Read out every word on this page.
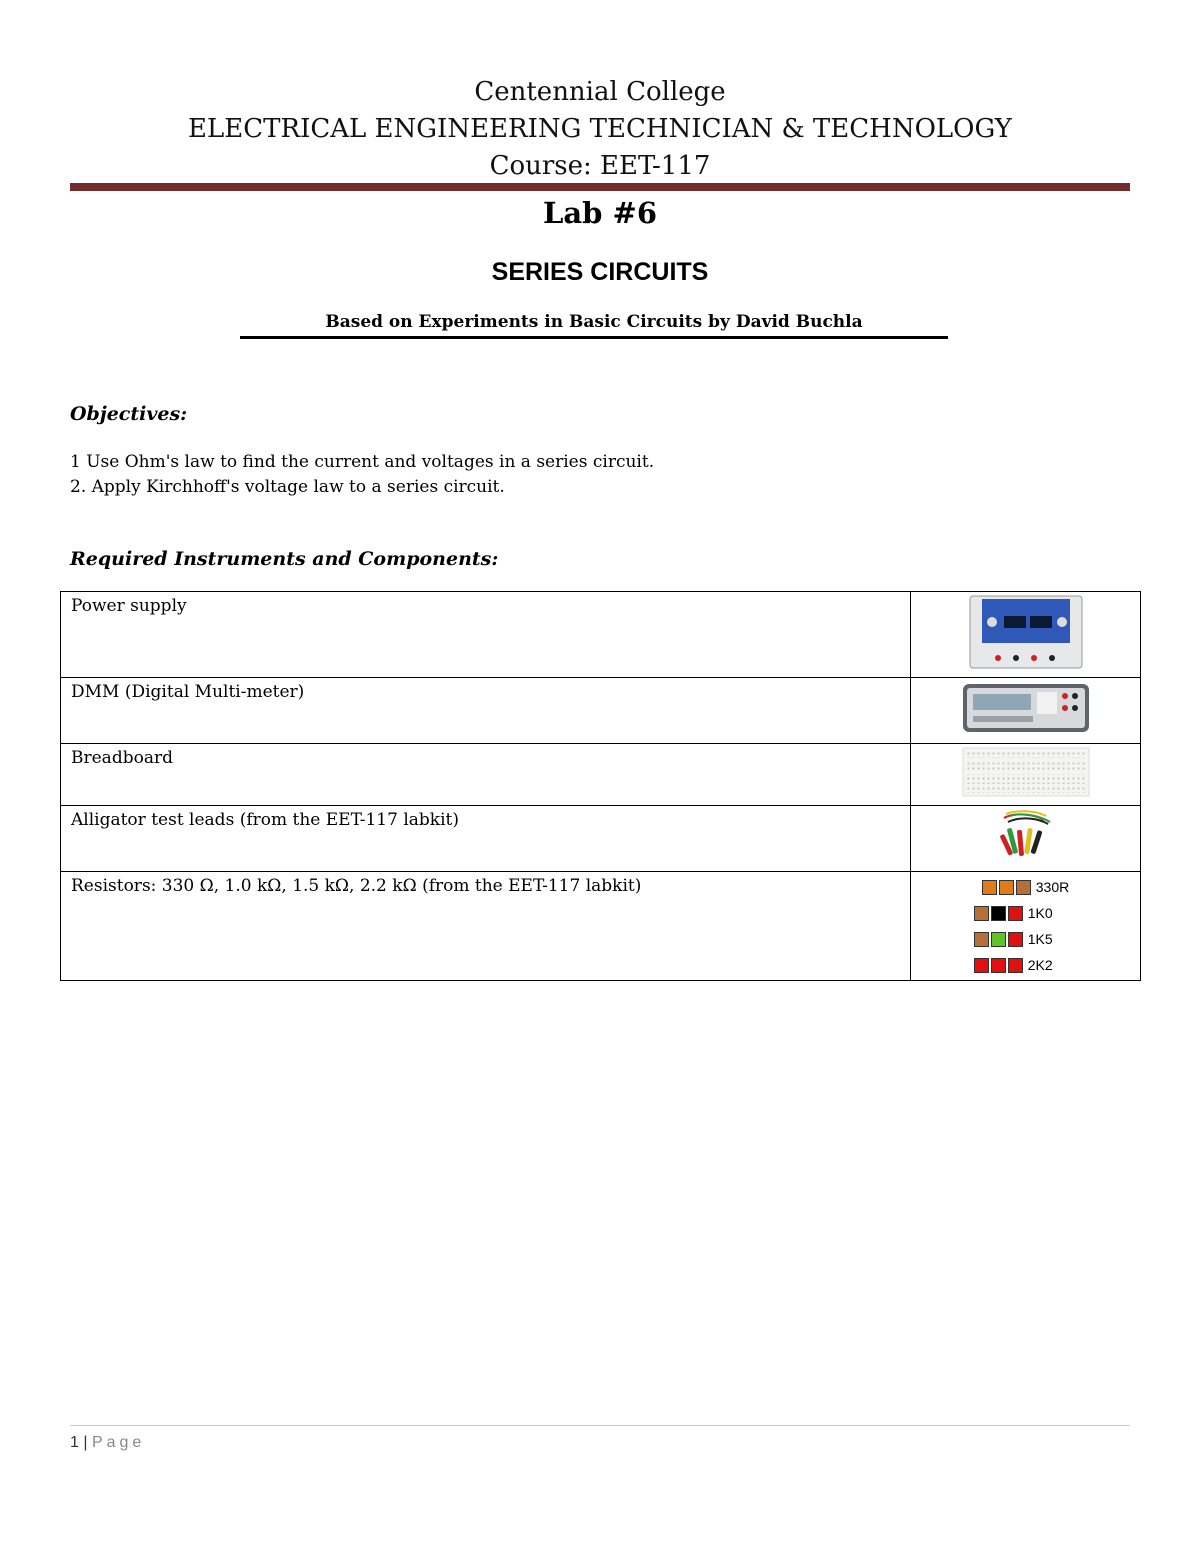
Centennial College
ELECTRICAL ENGINEERING TECHNICIAN & TECHNOLOGY
Course: EET-117
Lab #6
SERIES CIRCUITS
Based on Experiments in Basic Circuits by David Buchla
Objectives:
1 Use Ohm's law to find the current and voltages in a series circuit.
2. Apply Kirchhoff's voltage law to a series circuit.
Required Instruments and Components:
Power supply	
DMM (Digital Multi-meter)	
Breadboard	
Alligator test leads (from the EET-117 labkit)	
Resistors: 330 Ω, 1.0 kΩ, 1.5 kΩ, 2.2 kΩ (from the EET-117 labkit)	330R
1K0
1K5
2K2
1 | Page
